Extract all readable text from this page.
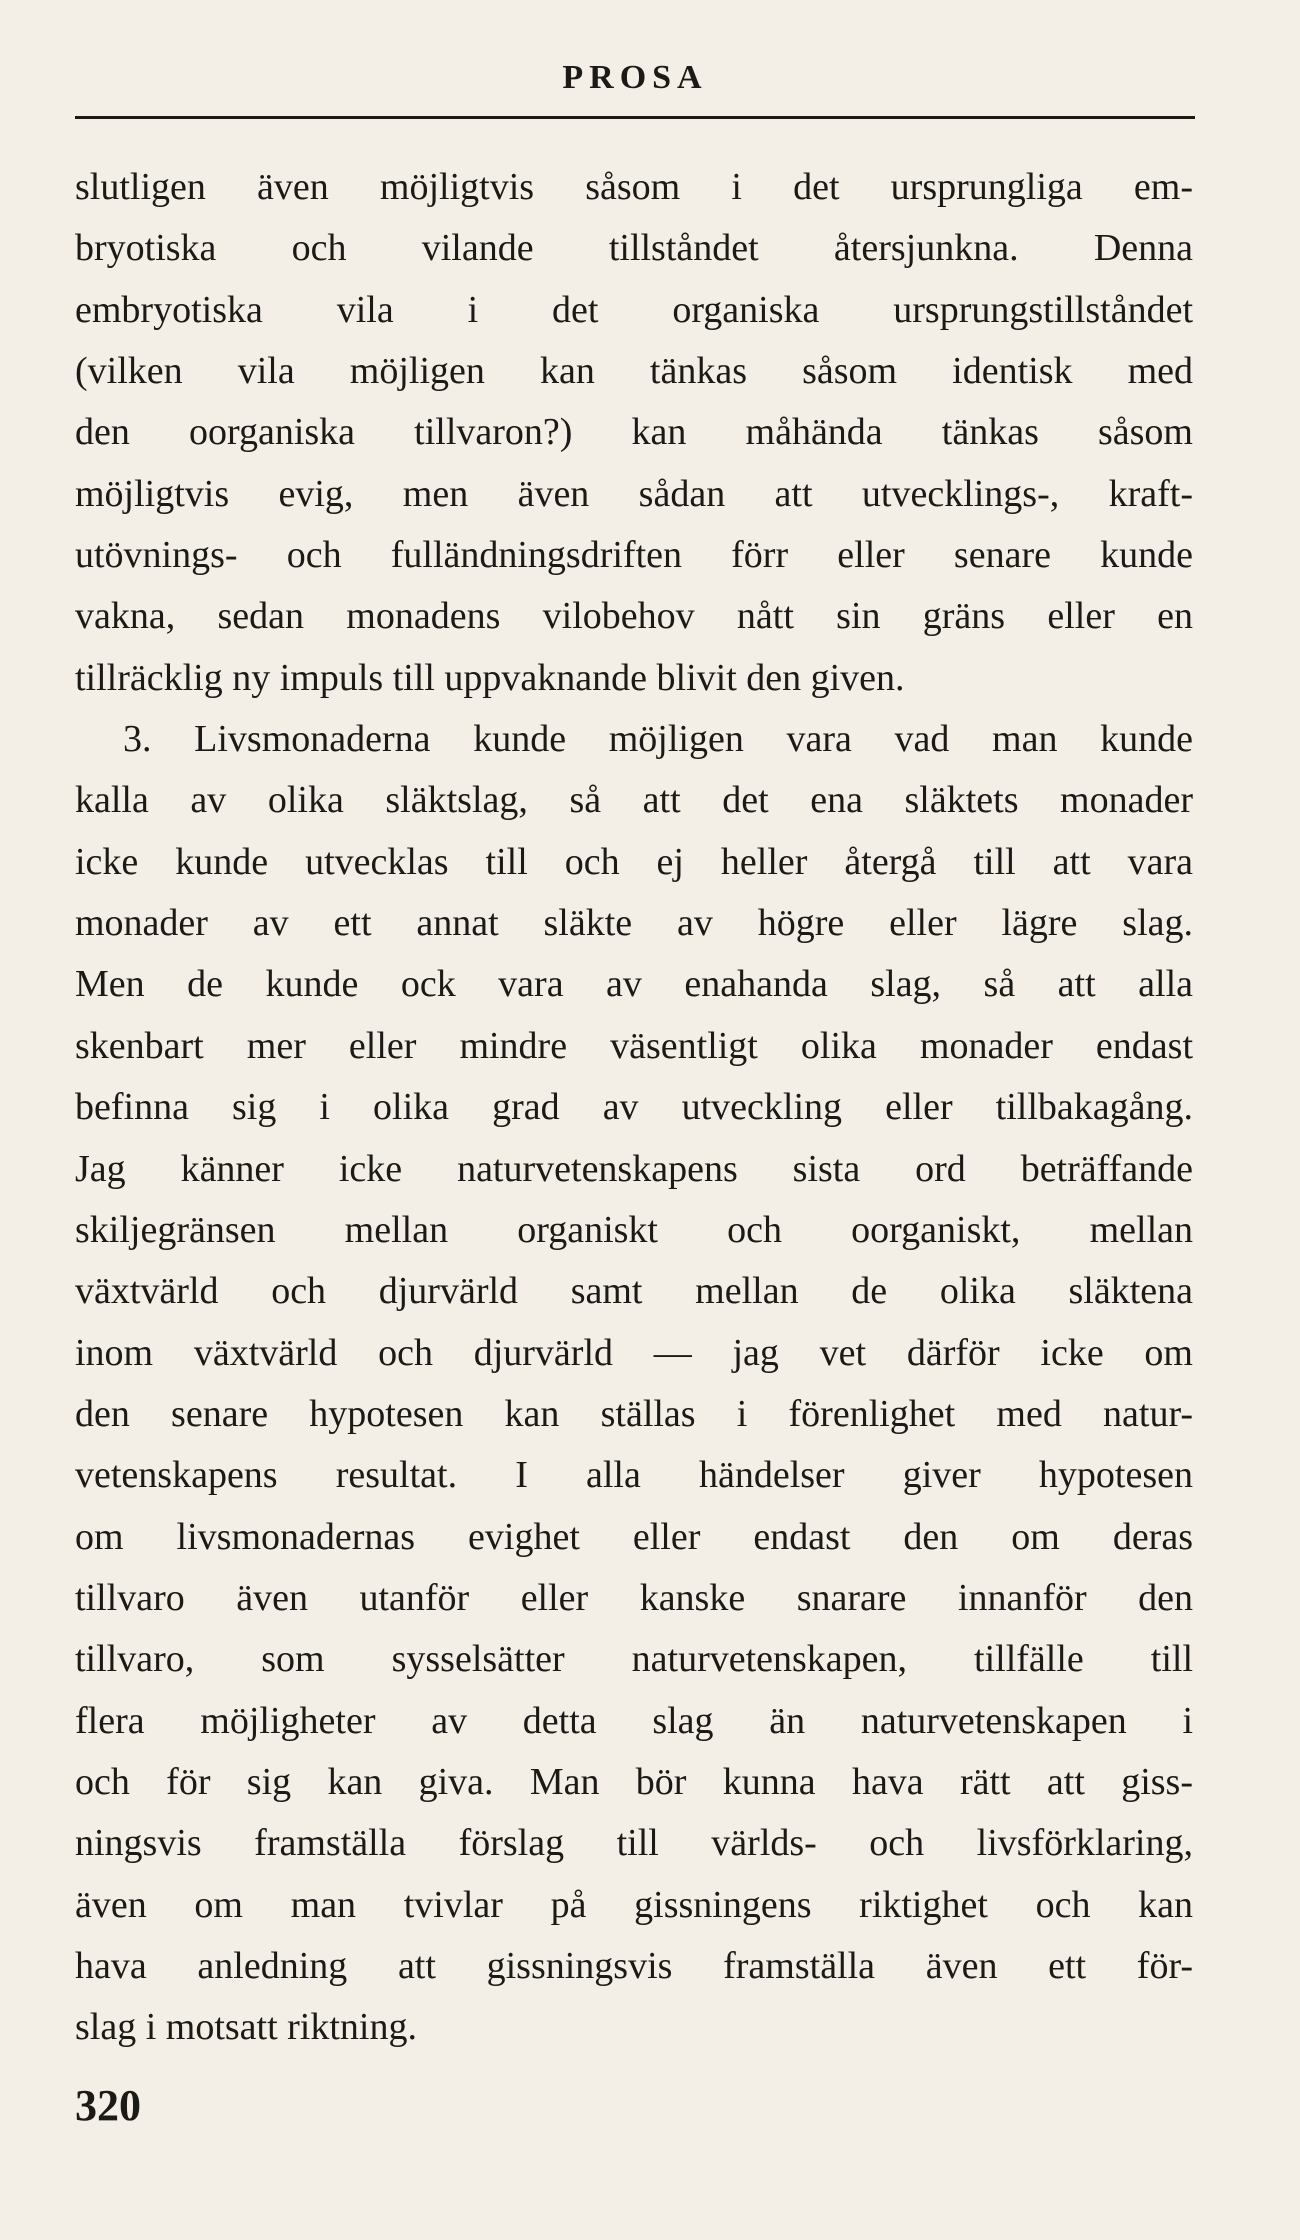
PROSA
slutligen även möjligtvis såsom i det ursprungliga em-
bryotiska och vilande tillståndet återsjunkna. Denna
embryotiska vila i det organiska ursprungstillståndet
(vilken vila möjligen kan tänkas såsom identisk med
den oorganiska tillvaron?) kan måhända tänkas såsom
möjligtvis evig, men även sådan att utvecklings-, kraft-
utövnings- och fulländningsdriften förr eller senare kunde
vakna, sedan monadens vilobehov nått sin gräns eller en
tillräcklig ny impuls till uppvaknande blivit den given.
3. Livsmonaderna kunde möjligen vara vad man kunde
kalla av olika släktslag, så att det ena släktets monader
icke kunde utvecklas till och ej heller återgå till att vara
monader av ett annat släkte av högre eller lägre slag.
Men de kunde ock vara av enahanda slag, så att alla
skenbart mer eller mindre väsentligt olika monader endast
befinna sig i olika grad av utveckling eller tillbakagång.
Jag känner icke naturvetenskapens sista ord beträffande
skiljegränsen mellan organiskt och oorganiskt, mellan
växtvärld och djurvärld samt mellan de olika släktena
inom växtvärld och djurvärld — jag vet därför icke om
den senare hypotesen kan ställas i förenlighet med natur-
vetenskapens resultat. I alla händelser giver hypotesen
om livsmonadernas evighet eller endast den om deras
tillvaro även utanför eller kanske snarare innanför den
tillvaro, som sysselsätter naturvetenskapen, tillfälle till
flera möjligheter av detta slag än naturvetenskapen i
och för sig kan giva. Man bör kunna hava rätt att giss-
ningsvis framställa förslag till världs- och livsförklaring,
även om man tvivlar på gissningens riktighet och kan
hava anledning att gissningsvis framställa även ett för-
slag i motsatt riktning.
320
